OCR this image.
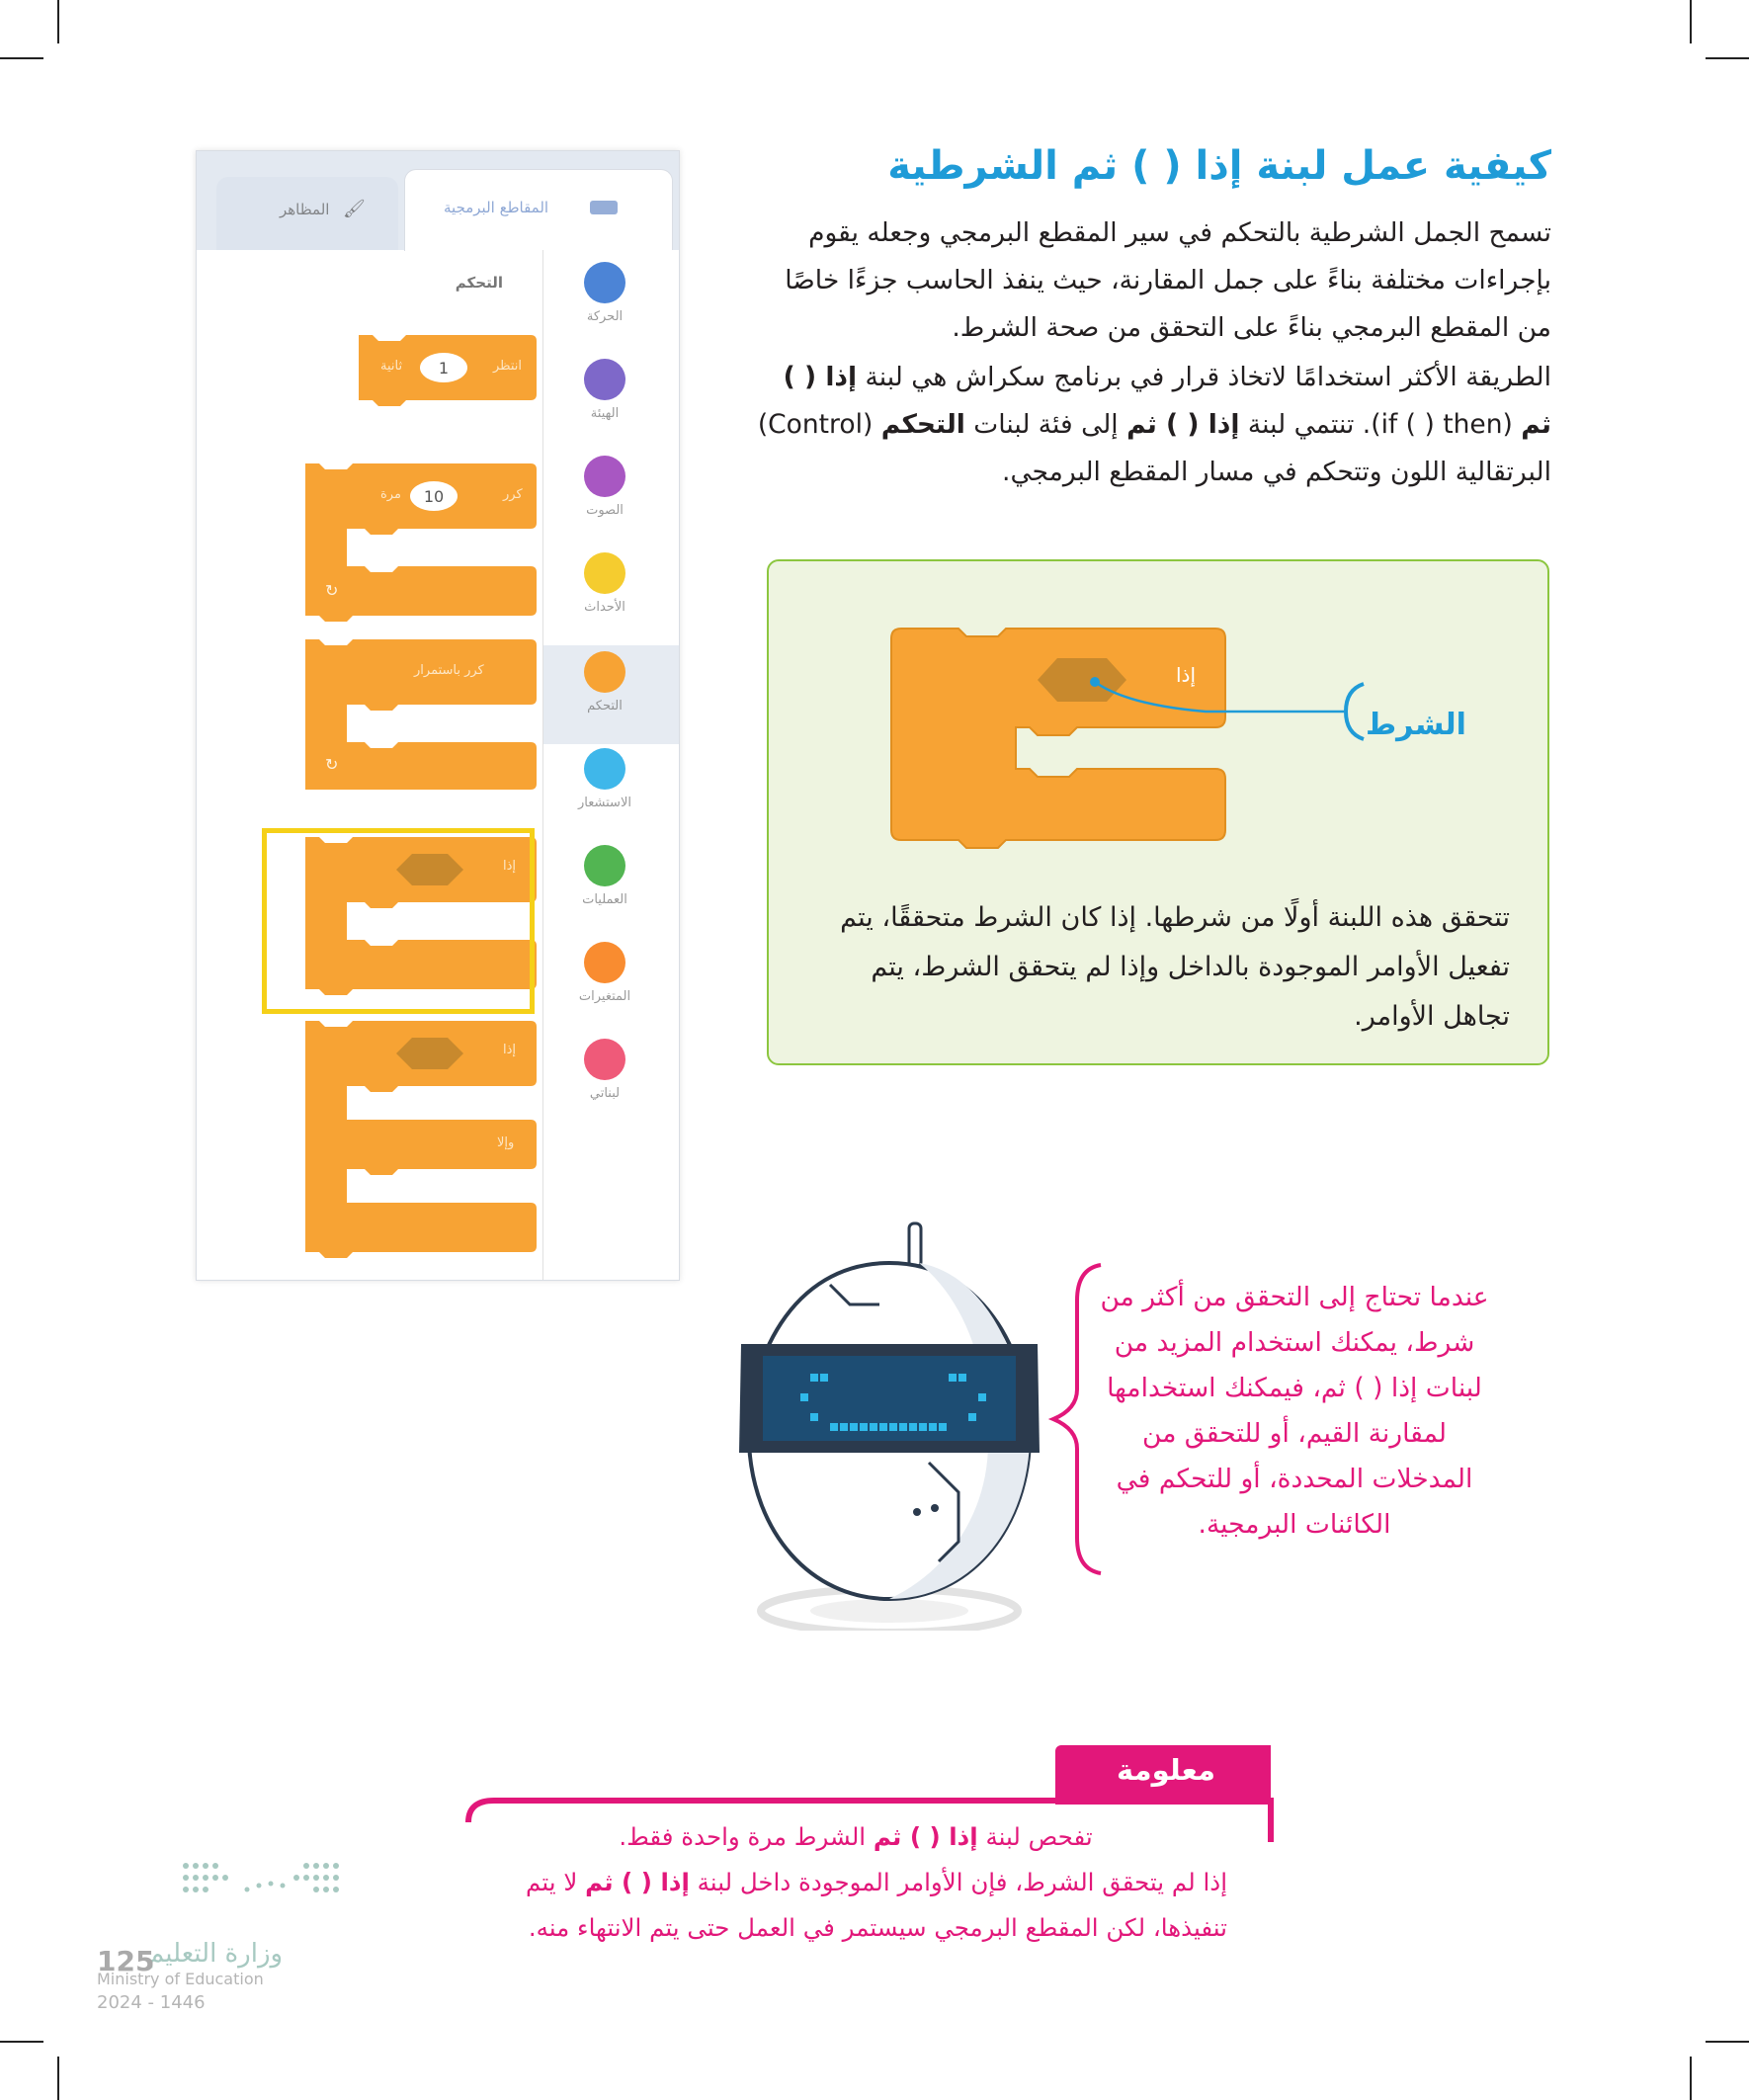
كيفية عمل لبنة إذا ( ) ثم الشرطية
تسمح الجمل الشرطية بالتحكم في سير المقطع البرمجي وجعله يقوم بإجراءات مختلفة بناءً على جمل المقارنة، حيث ينفذ الحاسب جزءًا خاصًا من المقطع البرمجي بناءً على التحقق من صحة الشرط.
الطريقة الأكثر استخدامًا لاتخاذ قرار في برنامج سكراش هي لبنة إذا ( ) ثم (if ( ) then). تنتمي لبنة إذا ( ) ثم إلى فئة لبنات التحكم (Control) البرتقالية اللون وتتحكم في مسار المقطع البرمجي.
إذا
الشرط
تتحقق هذه اللبنة أولًا من شرطها. إذا كان الشرط متحققًا، يتم تفعيل الأوامر الموجودة بالداخل وإذا لم يتحقق الشرط، يتم تجاهل الأوامر.
عندما تحتاج إلى التحقق من أكثر من شرط، يمكنك استخدام المزيد من لبنات إذا ( ) ثم، فيمكنك استخدامها لمقارنة القيم، أو للتحقق من المدخلات المحددة، أو للتحكم في الكائنات البرمجية.
معلومة
تفحص لبنة إذا ( ) ثم الشرط مرة واحدة فقط.
إذا لم يتحقق الشرط، فإن الأوامر الموجودة داخل لبنة إذا ( ) ثم لا يتم تنفيذها، لكن المقطع البرمجي سيستمر في العمل حتى يتم الانتهاء منه.
وزارة التعليم
125
Ministry of Education
2024 - 1446
المقاطع البرمجية
🖌
المظاهر
الحركة
الهيئة
الصوت
الأحداث
التحكم
الاستشعار
العمليات
المتغيرات
لبناتي
التحكم
1
10
↻
↻
انتظر
ثانية
كرر
مرة
كرر باستمرار
إذا
إذا
وإلا
